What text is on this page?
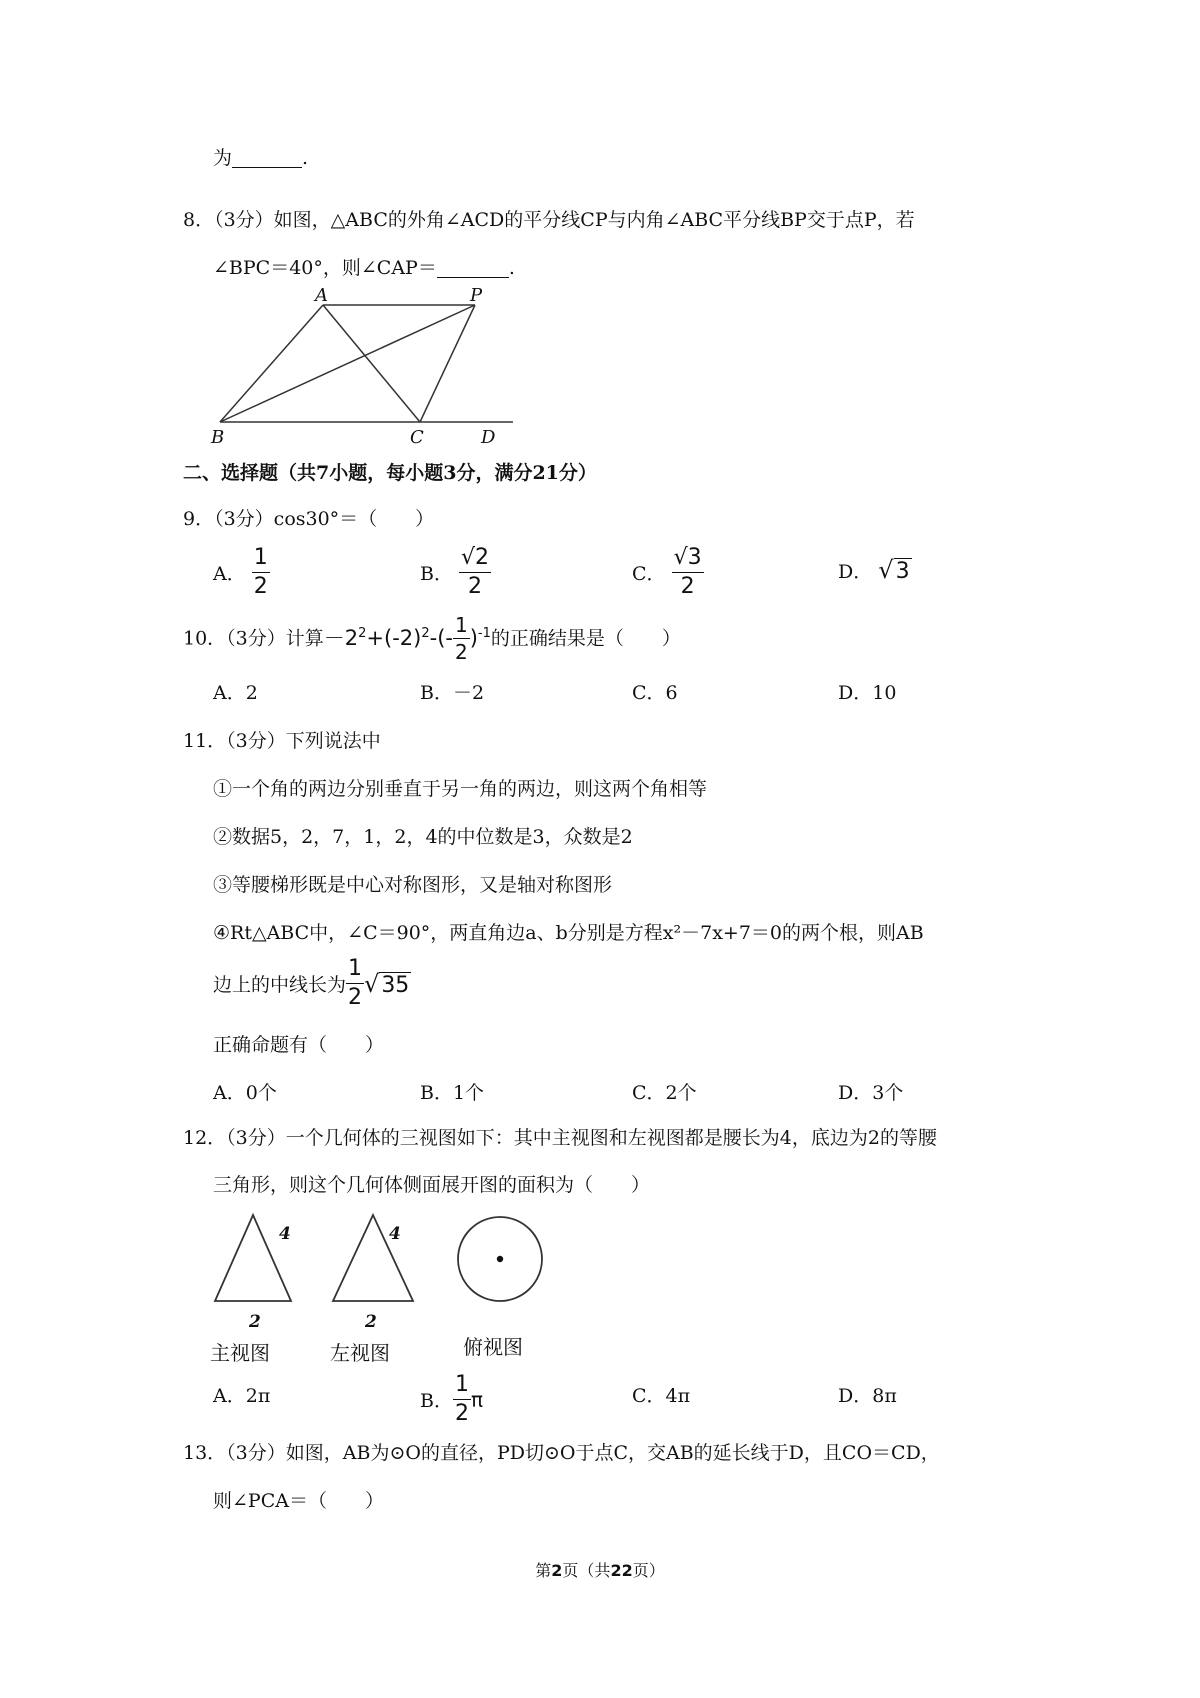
为	.
8．（3分）如图，△ABC的外角∠ACD的平分线CP与内角∠ABC平分线BP交于点P，若
∠BPC＝40°，则∠CAP＝	.
A	P
B	C	D
二、选择题（共7小题，每小题3分，满分21分）
9．（3分）cos30°＝（　　）
A． $\frac{1}{2}$	B． $\frac{√2}{2}$	C． $\frac{√3}{2}$	D． √ 3
10．（3分）计算$-2^2+(-2)^2-(- \frac{1}{2} )^{-1}$的正确结果是（　　）
A．2	B．－2	C．6	D．10
11．（3分）下列说法中
①一个角的两边分别垂直于另一角的两边，则这两个角相等
②数据5，2，7，1，2，4的中位数是3，众数是2
③等腰梯形既是中心对称图形，又是轴对称图形
④Rt△ABC中，∠C＝90°，两直角边a、b分别是方程x²－7x+7＝0的两个根，则AB
边上的中线长为 $\frac{1}{2}$ √ 35
正确命题有（　　）
A．0个	B．1个	C．2个	D．3个
12．（3分）一个几何体的三视图如下：其中主视图和左视图都是腰长为4，底边为2的等腰
三角形，则这个几何体侧面展开图的面积为（　　）
4
2
4
2
主视图	左视图	俯视图
A．2π	B． $\frac{1}{2}$ π	C．4π	D．8π
13．（3分）如图，AB为⊙O的直径，PD切⊙O于点C，交AB的延长线于D，且CO＝CD，
则∠PCA＝（　　）
第2页（共22页）
